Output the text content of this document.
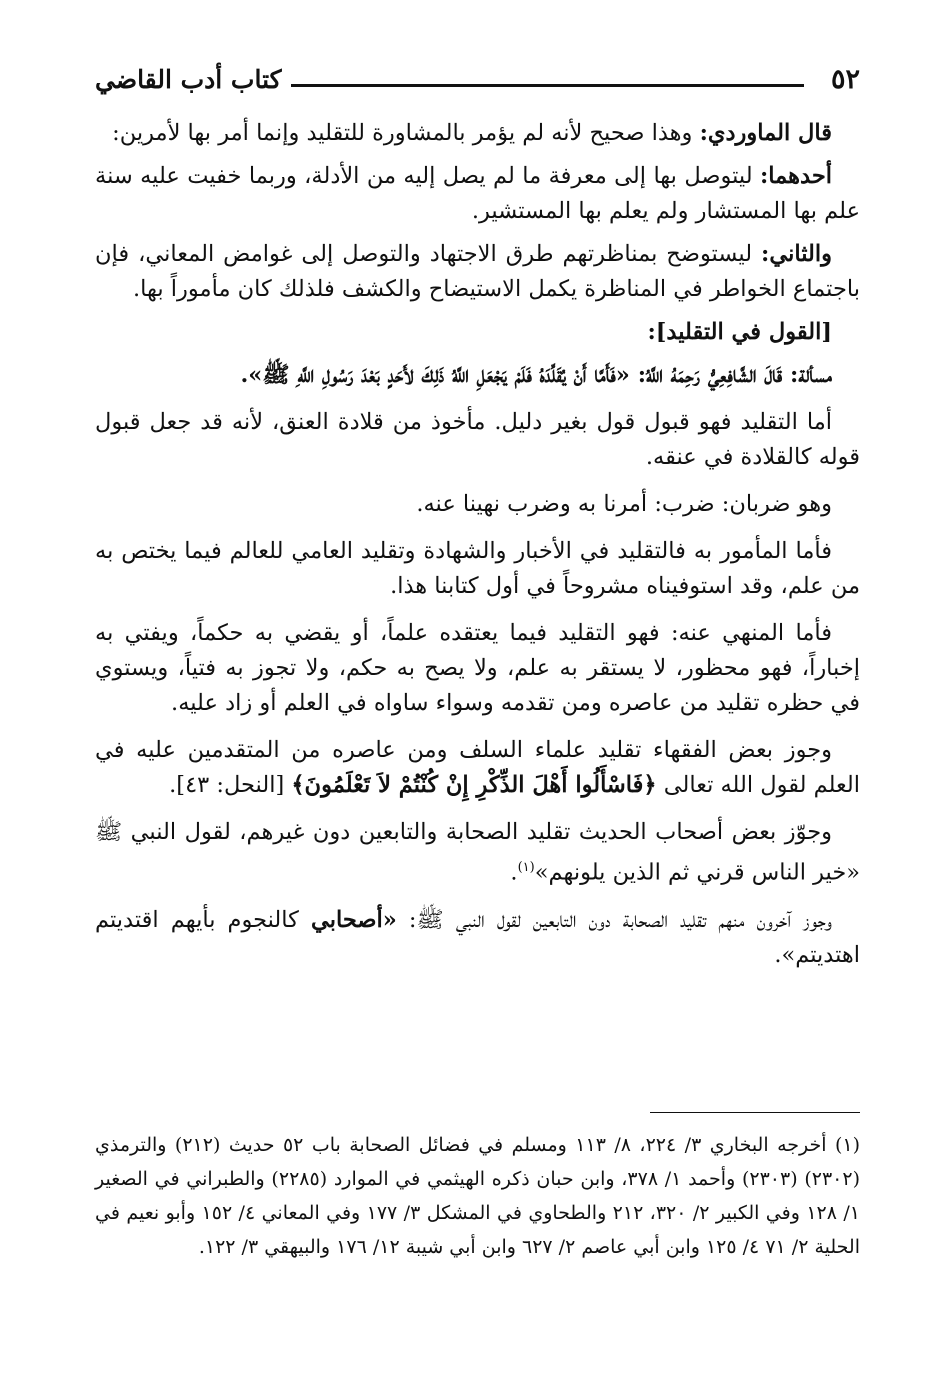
٥٢
كتاب أدب القاضي

قال الماوردي: وهذا صحيح لأنه لم يؤمر بالمشاورة للتقليد وإنما أمر بها لأمرين:

أحدهما: ليتوصل بها إلى معرفة ما لم يصل إليه من الأدلة، وربما خفيت عليه سنة علم بها المستشار ولم يعلم بها المستشير.

والثاني: ليستوضح بمناظرتهم طرق الاجتهاد والتوصل إلى غوامض المعاني، فإن باجتماع الخواطر في المناظرة يكمل الاستيضاح والكشف فلذلك كان مأموراً بها.

[القول في التقليد]:

مسألة: قَالَ الشَّافِعِيُّ رَحِمَهُ اللَّهُ: «فَأَمَّا أَنْ يُقَلِّدَهُ فَلَمْ يَجْعَلِ اللَّهُ ذَلِكَ لأَحَدٍ بَعْدَ رَسُولِ اللَّهِ ﷺ».

أما التقليد فهو قبول قول بغير دليل. مأخوذ من قلادة العنق، لأنه قد جعل قبول قوله كالقلادة في عنقه.

وهو ضربان: ضرب: أمرنا به وضرب نهينا عنه.

فأما المأمور به فالتقليد في الأخبار والشهادة وتقليد العامي للعالم فيما يختص به من علم، وقد استوفيناه مشروحاً في أول كتابنا هذا.

فأما المنهي عنه: فهو التقليد فيما يعتقده علماً، أو يقضي به حكماً، ويفتي به إخباراً، فهو محظور، لا يستقر به علم، ولا يصح به حكم، ولا تجوز به فتياً، ويستوي في حظره تقليد من عاصره ومن تقدمه وسواء ساواه في العلم أو زاد عليه.

وجوز بعض الفقهاء تقليد علماء السلف ومن عاصره من المتقدمين عليه في العلم لقول الله تعالى ﴿فَاسْأَلُوا أَهْلَ الذِّكْرِ إِنْ كُنْتُمْ لاَ تَعْلَمُونَ﴾ [النحل: ٤٣].

وجوّز بعض أصحاب الحديث تقليد الصحابة والتابعين دون غيرهم، لقول النبي ﷺ «خير الناس قرني ثم الذين يلونهم»$^{(١)}$.

وجوز آخرون منهم تقليد الصحابة دون التابعين لقول النبي ﷺ: «أصحابي كالنجوم بأيهم اقتديتم اهتديتم».

(١) أخرجه البخاري ٣/ ٢٢٤، ٨/ ١١٣ ومسلم في فضائل الصحابة باب ٥٢ حديث (٢١٢) والترمذي (٢٣٠٢) (٢٣٠٣) وأحمد ١/ ٣٧٨، وابن حبان ذكره الهيثمي في الموارد (٢٢٨٥) والطبراني في الصغير ١/ ١٢٨ وفي الكبير ٢/ ٣٢٠، ٢١٢ والطحاوي في المشكل ٣/ ١٧٧ وفي المعاني ٤/ ١٥٢ وأبو نعيم في الحلية ٢/ ٧١ ٤/ ١٢٥ وابن أبي عاصم ٢/ ٦٢٧ وابن أبي شيبة ١٢/ ١٧٦ والبيهقي ٣/ ١٢٢.
